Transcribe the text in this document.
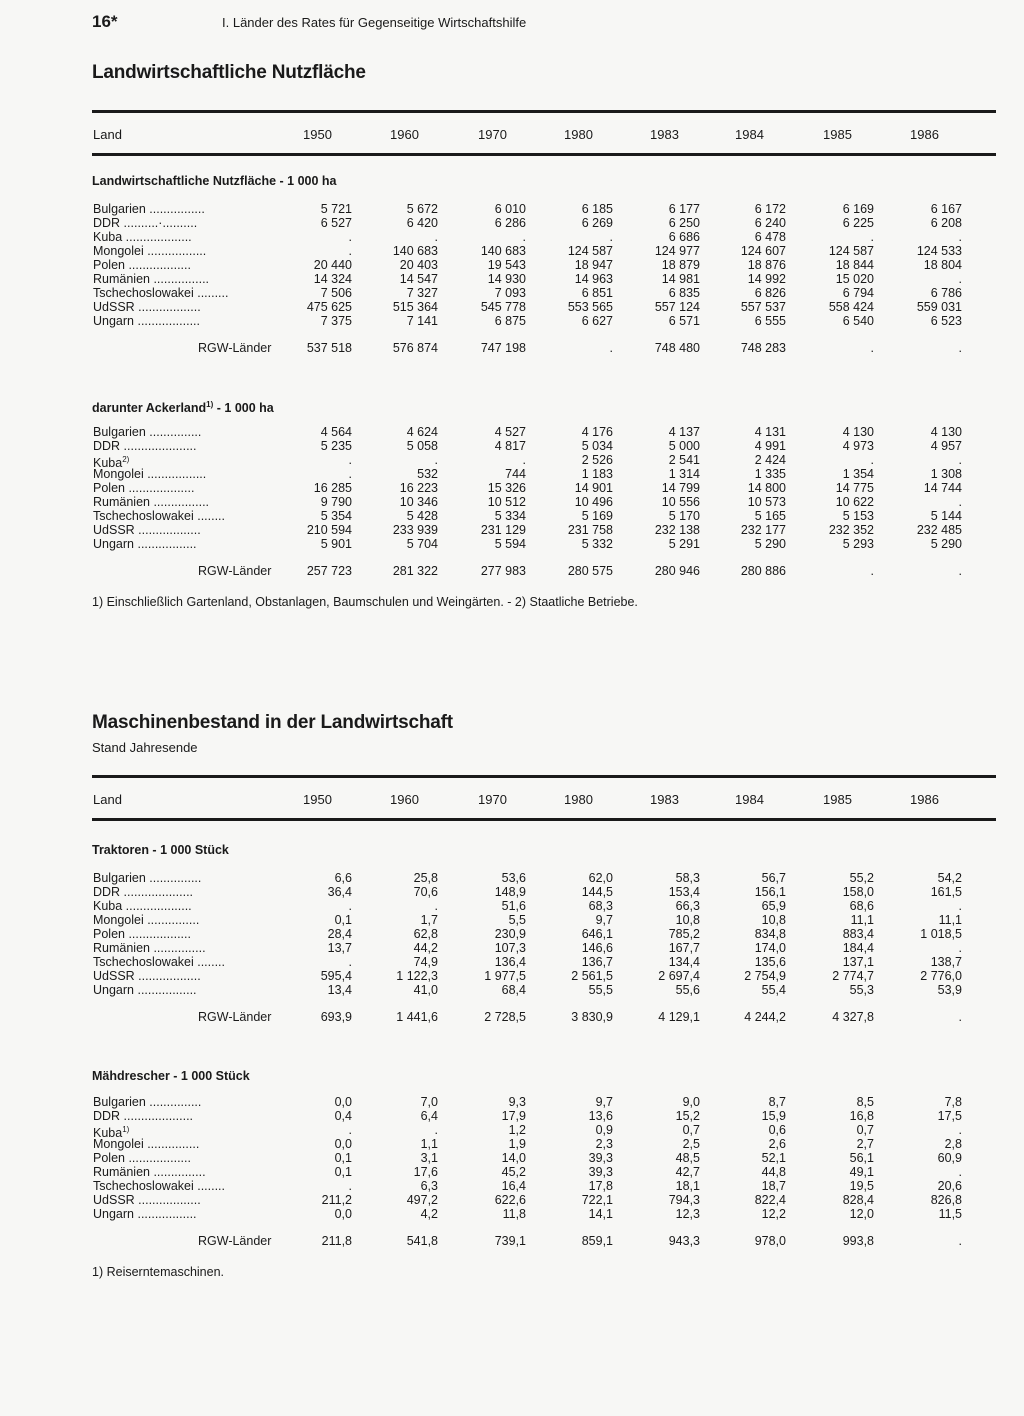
16*	I. Länder des Rates für Gegenseitige Wirtschaftshilfe
Landwirtschaftliche Nutzfläche
Land	1950	1960	1970	1980	1983	1984	1985	1986
Landwirtschaftliche Nutzfläche - 1 000 ha
Bulgarien ................	5 721	5 672	6 010	6 185	6 177	6 172	6 169	6 167
DDR ..........·..........	6 527	6 420	6 286	6 269	6 250	6 240	6 225	6 208
Kuba ...................	.	.	.	.	6 686	6 478	.	.
Mongolei .................	.	140 683	140 683	124 587	124 977	124 607	124 587	124 533
Polen ..................	20 440	20 403	19 543	18 947	18 879	18 876	18 844	18 804
Rumänien ................	14 324	14 547	14 930	14 963	14 981	14 992	15 020	.
Tschechoslowakei .........	7 506	7 327	7 093	6 851	6 835	6 826	6 794	6 786
UdSSR ..................	475 625	515 364	545 778	553 565	557 124	557 537	558 424	559 031
Ungarn ..................	7 375	7 141	6 875	6 627	6 571	6 555	6 540	6 523
RGW-Länder	537 518	576 874	747 198	.	748 480	748 283	.	.
darunter Ackerland$^{1)}$ - 1 000 ha
Bulgarien ...............	4 564	4 624	4 527	4 176	4 137	4 131	4 130	4 130
DDR .....................	5 235	5 058	4 817	5 034	5 000	4 991	4 973	4 957
Kuba$^{2)}$	.	.	.	2 526	2 541	2 424	.	.
Mongolei .................	.	532	744	1 183	1 314	1 335	1 354	1 308
Polen ...................	16 285	16 223	15 326	14 901	14 799	14 800	14 775	14 744
Rumänien ................	9 790	10 346	10 512	10 496	10 556	10 573	10 622	.
Tschechoslowakei ........	5 354	5 428	5 334	5 169	5 170	5 165	5 153	5 144
UdSSR ..................	210 594	233 939	231 129	231 758	232 138	232 177	232 352	232 485
Ungarn .................	5 901	5 704	5 594	5 332	5 291	5 290	5 293	5 290
RGW-Länder	257 723	281 322	277 983	280 575	280 946	280 886	.	.
1) Einschließlich Gartenland, Obstanlagen, Baumschulen und Weingärten. - 2) Staatliche Betriebe.
Maschinenbestand in der Landwirtschaft
Stand Jahresende
Land	1950	1960	1970	1980	1983	1984	1985	1986
Traktoren - 1 000 Stück
Bulgarien ...............	6,6	25,8	53,6	62,0	58,3	56,7	55,2	54,2
DDR ....................	36,4	70,6	148,9	144,5	153,4	156,1	158,0	161,5
Kuba ...................	.	.	51,6	68,3	66,3	65,9	68,6	.
Mongolei ...............	0,1	1,7	5,5	9,7	10,8	10,8	11,1	11,1
Polen ..................	28,4	62,8	230,9	646,1	785,2	834,8	883,4	1 018,5
Rumänien ...............	13,7	44,2	107,3	146,6	167,7	174,0	184,4	.
Tschechoslowakei ........	.	74,9	136,4	136,7	134,4	135,6	137,1	138,7
UdSSR ..................	595,4	1 122,3	1 977,5	2 561,5	2 697,4	2 754,9	2 774,7	2 776,0
Ungarn .................	13,4	41,0	68,4	55,5	55,6	55,4	55,3	53,9
RGW-Länder	693,9	1 441,6	2 728,5	3 830,9	4 129,1	4 244,2	4 327,8	.
Mähdrescher - 1 000 Stück
Bulgarien ...............	0,0	7,0	9,3	9,7	9,0	8,7	8,5	7,8
DDR ....................	0,4	6,4	17,9	13,6	15,2	15,9	16,8	17,5
Kuba$^{1)}$	.	.	1,2	0,9	0,7	0,6	0,7	.
Mongolei ...............	0,0	1,1	1,9	2,3	2,5	2,6	2,7	2,8
Polen ..................	0,1	3,1	14,0	39,3	48,5	52,1	56,1	60,9
Rumänien ...............	0,1	17,6	45,2	39,3	42,7	44,8	49,1	.
Tschechoslowakei ........	.	6,3	16,4	17,8	18,1	18,7	19,5	20,6
UdSSR ..................	211,2	497,2	622,6	722,1	794,3	822,4	828,4	826,8
Ungarn .................	0,0	4,2	11,8	14,1	12,3	12,2	12,0	11,5
RGW-Länder	211,8	541,8	739,1	859,1	943,3	978,0	993,8	.
1) Reiserntemaschinen.
